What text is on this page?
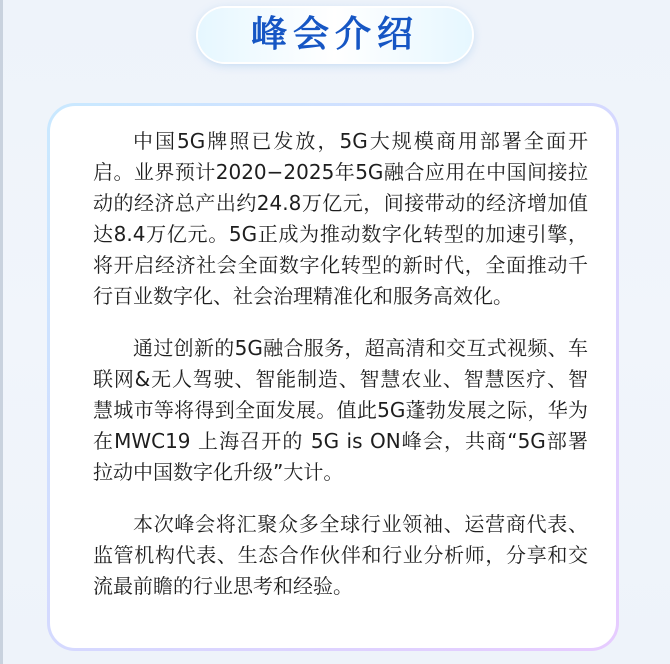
峰会介绍

中国5G牌照已发放，5G大规模商用部署全面开启。业界预计2020−2025年5G融合应用在中国间接拉动的经济总产出约24.8万亿元，间接带动的经济增加值达8.4万亿元。5G正成为推动数字化转型的加速引擎，将开启经济社会全面数字化转型的新时代，全面推动千行百业数字化、社会治理精准化和服务高效化。

通过创新的5G融合服务，超高清和交互式视频、车联网&无人驾驶、智能制造、智慧农业、智慧医疗、智慧城市等将得到全面发展。值此5G蓬勃发展之际，华为在MWC19 上海召开的 5G is ON峰会，共商“5G部署拉动中国数字化升级”大计。

本次峰会将汇聚众多全球行业领袖、运营商代表、监管机构代表、生态合作伙伴和行业分析师，分享和交流最前瞻的行业思考和经验。
